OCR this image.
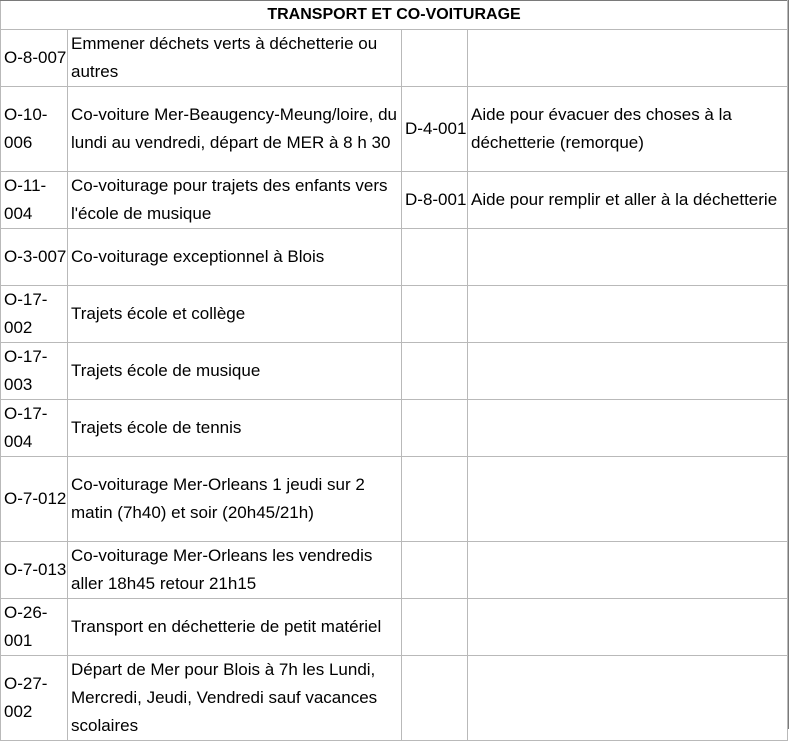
TRANSPORT ET CO-VOITURAGE			
O-8-007	Emmener déchets verts à déchetterie ou autres		
O-10-006	Co-voiture Mer-Beaugency-Meung/loire, du lundi au vendredi, départ de MER à 8 h 30	D-4-001	Aide pour évacuer des choses à la déchetterie (remorque)
O-11-004	Co-voiturage pour trajets des enfants vers l'école de musique	D-8-001	Aide pour remplir et aller à la déchetterie
O-3-007	Co-voiturage exceptionnel à Blois		
O-17-002	Trajets école et collège		
O-17-003	Trajets école de musique		
O-17-004	Trajets école de tennis		
O-7-012	Co-voiturage Mer-Orleans 1 jeudi sur 2 matin (7h40) et soir (20h45/21h)		
O-7-013	Co-voiturage Mer-Orleans les vendredis aller 18h45 retour 21h15		
O-26-001	Transport en déchetterie de petit matériel		
O-27-002	Départ de Mer pour Blois à 7h les Lundi, Mercredi, Jeudi, Vendredi sauf vacances scolaires		
